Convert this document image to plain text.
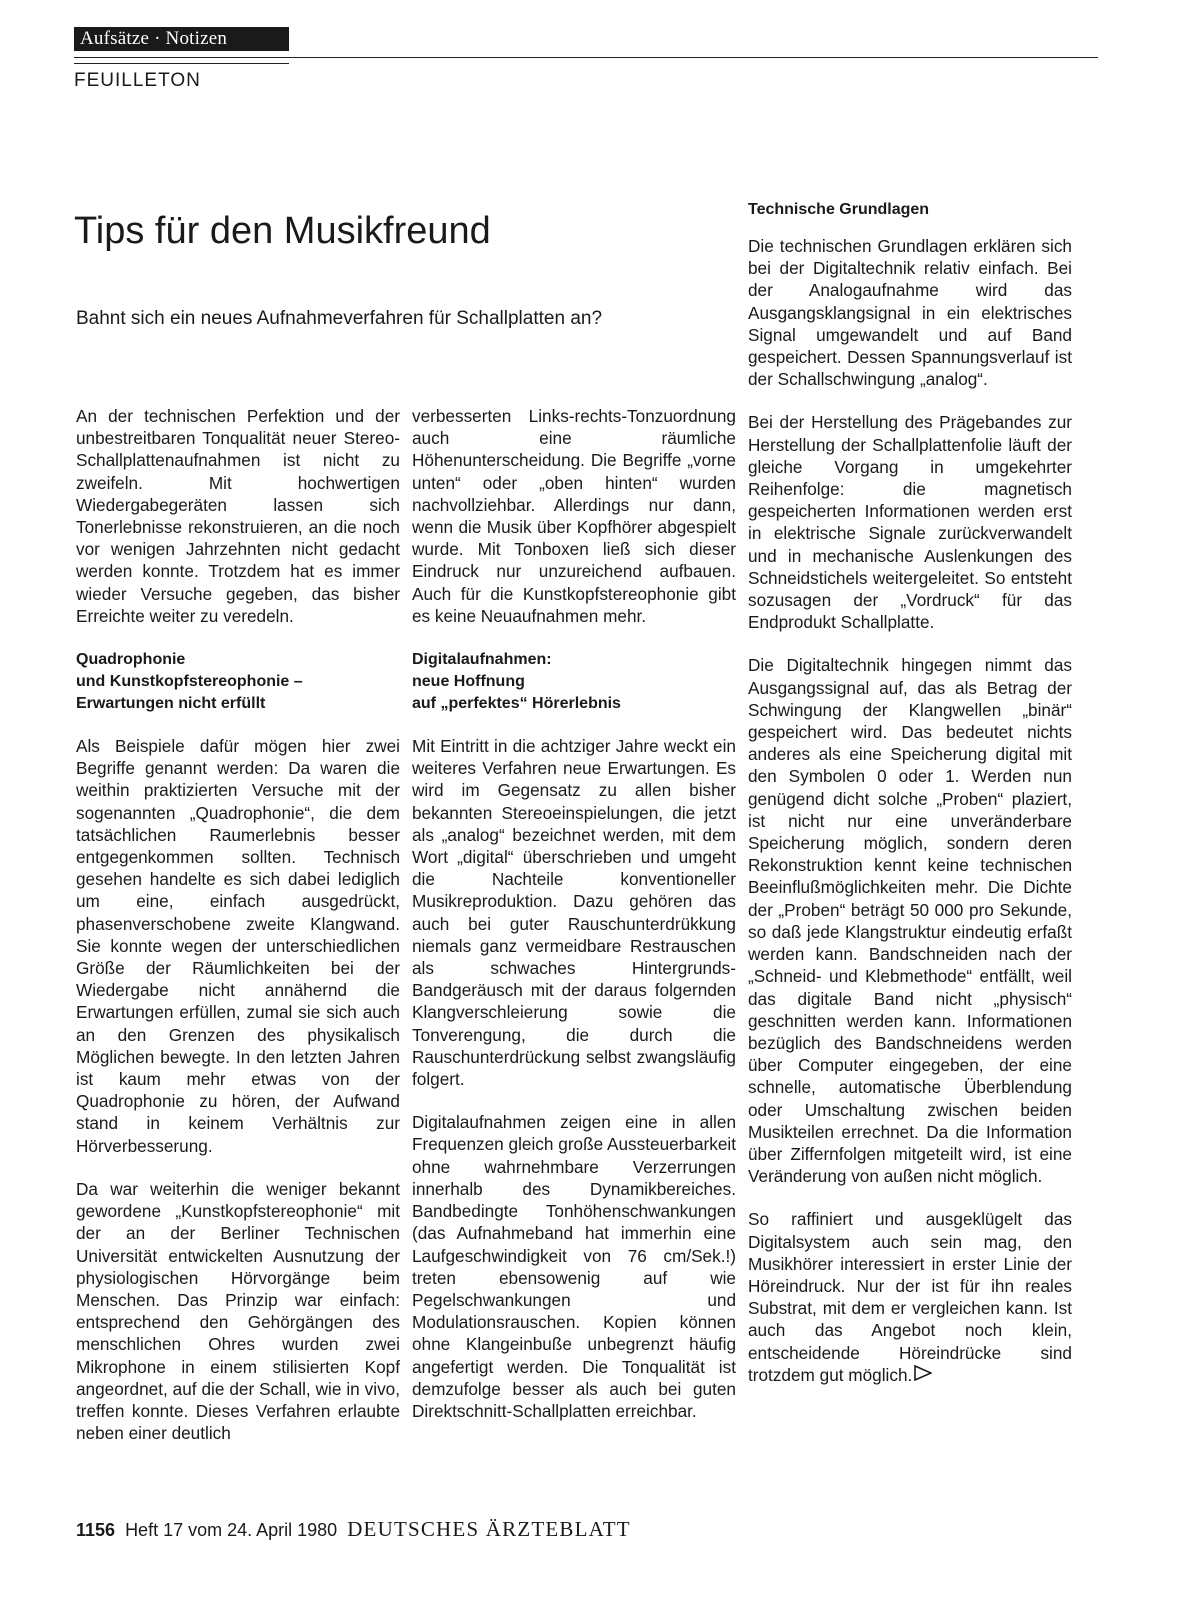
Aufsätze · Notizen
FEUILLETON
Tips für den Musikfreund
Bahnt sich ein neues Aufnahmeverfahren für Schallplatten an?

An der technischen Perfektion und der unbestreitbaren Tonqualität neuer Stereo-Schallplattenaufnahmen ist nicht zu zweifeln. Mit hochwertigen Wiedergabegeräten lassen sich Tonerlebnisse rekonstruieren, an die noch vor wenigen Jahrzehnten nicht gedacht werden konnte. Trotzdem hat es immer wieder Versuche gegeben, das bisher Erreichte weiter zu veredeln.

Quadrophonie
und Kunstkopfstereophonie –
Erwartungen nicht erfüllt

Als Beispiele dafür mögen hier zwei Begriffe genannt werden: Da waren die weithin praktizierten Versuche mit der sogenannten „Quadrophonie“, die dem tatsächlichen Raumerlebnis besser entgegenkommen sollten. Technisch gesehen handelte es sich dabei lediglich um eine, einfach ausgedrückt, phasenverschobene zweite Klangwand. Sie konnte wegen der unterschiedlichen Größe der Räumlichkeiten bei der Wiedergabe nicht annähernd die Erwartungen erfüllen, zumal sie sich auch an den Grenzen des physikalisch Möglichen bewegte. In den letzten Jahren ist kaum mehr etwas von der Quadrophonie zu hören, der Aufwand stand in keinem Verhältnis zur Hörverbesserung.

Da war weiterhin die weniger bekannt gewordene „Kunstkopfstereophonie“ mit der an der Berliner Technischen Universität entwickelten Ausnutzung der physiologischen Hörvorgänge beim Menschen. Das Prinzip war einfach: entsprechend den Gehörgängen des menschlichen Ohres wurden zwei Mikrophone in einem stilisierten Kopf angeordnet, auf die der Schall, wie in vivo, treffen konnte. Dieses Verfahren erlaubte neben einer deutlich

verbesserten Links-rechts-Tonzuordnung auch eine räumliche Höhenunterscheidung. Die Begriffe „vorne unten“ oder „oben hinten“ wurden nachvollziehbar. Allerdings nur dann, wenn die Musik über Kopfhörer abgespielt wurde. Mit Tonboxen ließ sich dieser Eindruck nur unzureichend aufbauen. Auch für die Kunstkopfstereophonie gibt es keine Neuaufnahmen mehr.

Digitalaufnahmen:
neue Hoffnung
auf „perfektes“ Hörerlebnis

Mit Eintritt in die achtziger Jahre weckt ein weiteres Verfahren neue Erwartungen. Es wird im Gegensatz zu allen bisher bekannten Stereoeinspielungen, die jetzt als „analog“ bezeichnet werden, mit dem Wort „digital“ überschrieben und umgeht die Nachteile konventioneller Musikreproduktion. Dazu gehören das auch bei guter Rauschunterdrükkung niemals ganz vermeidbare Restrauschen als schwaches Hintergrunds-Bandgeräusch mit der daraus folgernden Klangverschleierung sowie die Tonverengung, die durch die Rauschunterdrückung selbst zwangsläufig folgert.

Digitalaufnahmen zeigen eine in allen Frequenzen gleich große Aussteuerbarkeit ohne wahrnehmbare Verzerrungen innerhalb des Dynamikbereiches. Bandbedingte Tonhöhenschwankungen (das Aufnahmeband hat immerhin eine Laufgeschwindigkeit von 76 cm/Sek.!) treten ebensowenig auf wie Pegelschwankungen und Modulationsrauschen. Kopien können ohne Klangeinbuße unbegrenzt häufig angefertigt werden. Die Tonqualität ist demzufolge besser als auch bei guten Direktschnitt-Schallplatten erreichbar.

Technische Grundlagen

Die technischen Grundlagen erklären sich bei der Digitaltechnik relativ einfach. Bei der Analogaufnahme wird das Ausgangsklangsignal in ein elektrisches Signal umgewandelt und auf Band gespeichert. Dessen Spannungsverlauf ist der Schallschwingung „analog“.

Bei der Herstellung des Prägebandes zur Herstellung der Schallplattenfolie läuft der gleiche Vorgang in umgekehrter Reihenfolge: die magnetisch gespeicherten Informationen werden erst in elektrische Signale zurückverwandelt und in mechanische Auslenkungen des Schneidstichels weitergeleitet. So entsteht sozusagen der „Vordruck“ für das Endprodukt Schallplatte.

Die Digitaltechnik hingegen nimmt das Ausgangssignal auf, das als Betrag der Schwingung der Klangwellen „binär“ gespeichert wird. Das bedeutet nichts anderes als eine Speicherung digital mit den Symbolen 0 oder 1. Werden nun genügend dicht solche „Proben“ plaziert, ist nicht nur eine unveränderbare Speicherung möglich, sondern deren Rekonstruktion kennt keine technischen Beeinflußmöglichkeiten mehr. Die Dichte der „Proben“ beträgt 50 000 pro Sekunde, so daß jede Klangstruktur eindeutig erfaßt werden kann. Bandschneiden nach der „Schneid- und Klebmethode“ entfällt, weil das digitale Band nicht „physisch“ geschnitten werden kann. Informationen bezüglich des Bandschneidens werden über Computer eingegeben, der eine schnelle, automatische Überblendung oder Umschaltung zwischen beiden Musikteilen errechnet. Da die Information über Ziffernfolgen mitgeteilt wird, ist eine Veränderung von außen nicht möglich.

So raffiniert und ausgeklügelt das Digitalsystem auch sein mag, den Musikhörer interessiert in erster Linie der Höreindruck. Nur der ist für ihn reales Substrat, mit dem er vergleichen kann. Ist auch das Angebot noch klein, entscheidende Höreindrücke sind trotzdem gut möglich.

1156 Heft 17 vom 24. April 1980 DEUTSCHES ÄRZTEBLATT
